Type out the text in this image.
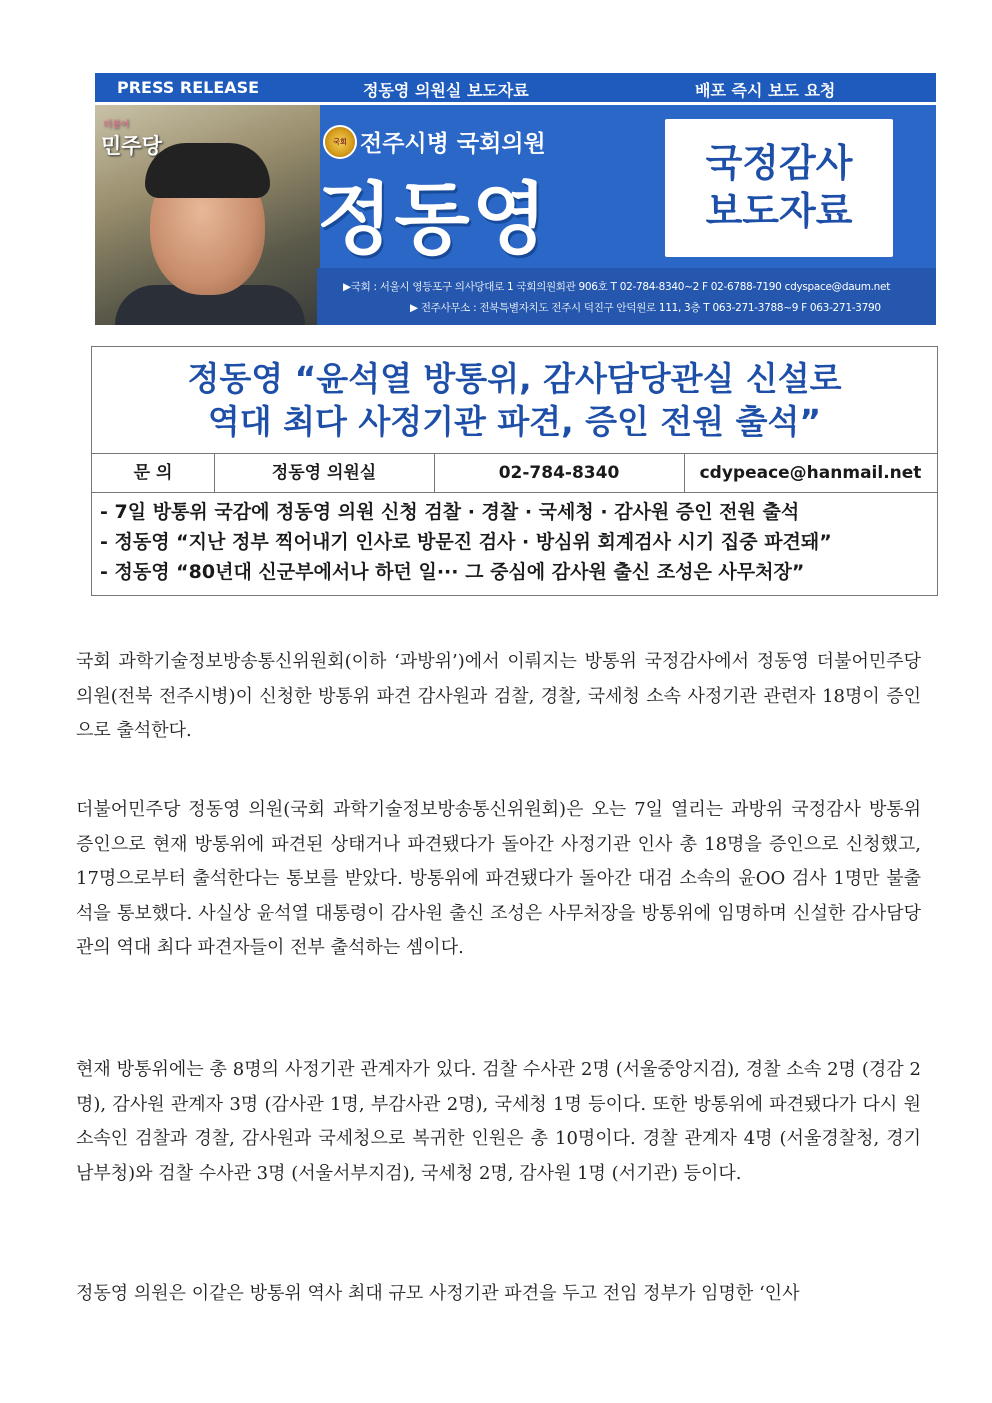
PRESS RELEASE	정동영 의원실 보도자료	배포 즉시 보도 요청
더불어
민주당	국회 전주시병 국회의원
정동영
국정감사
보도자료
▶국회 : 서울시 영등포구 의사당대로 1 국회의원회관 906호 T 02-784-8340~2 F 02-6788-7190 cdyspace@daum.net
▶ 전주사무소 : 전북특별자치도 전주시 덕진구 안덕원로 111, 3층 T 063-271-3788~9 F 063-271-3790
정동영 “윤석열 방통위, 감사담당관실 신설로
역대 최다 사정기관 파견, 증인 전원 출석”
문 의	정동영 의원실	02-784-8340	cdypeace@hanmail.net
- 7일 방통위 국감에 정동영 의원 신청 검찰 · 경찰 · 국세청 · 감사원 증인 전원 출석
- 정동영 “지난 정부 찍어내기 인사로 방문진 검사 · 방심위 회계검사 시기 집중 파견돼”
- 정동영 “80년대 신군부에서나 하던 일··· 그 중심에 감사원 출신 조성은 사무처장”
국회 과학기술정보방송통신위원회(이하 ‘과방위’)에서 이뤄지는 방통위 국정감사에서 정동영 더불어민주당 의원(전북 전주시병)이 신청한 방통위 파견 감사원과 검찰, 경찰, 국세청 소속 사정기관 관련자 18명이 증인으로 출석한다.
더불어민주당 정동영 의원(국회 과학기술정보방송통신위원회)은 오는 7일 열리는 과방위 국정감사 방통위 증인으로 현재 방통위에 파견된 상태거나 파견됐다가 돌아간 사정기관 인사 총 18명을 증인으로 신청했고, 17명으로부터 출석한다는 통보를 받았다. 방통위에 파견됐다가 돌아간 대검 소속의 윤OO 검사 1명만 불출석을 통보했다. 사실상 윤석열 대통령이 감사원 출신 조성은 사무처장을 방통위에 임명하며 신설한 감사담당관의 역대 최다 파견자들이 전부 출석하는 셈이다.
현재 방통위에는 총 8명의 사정기관 관계자가 있다. 검찰 수사관 2명 (서울중앙지검), 경찰 소속 2명 (경감 2명), 감사원 관계자 3명 (감사관 1명, 부감사관 2명), 국세청 1명 등이다. 또한 방통위에 파견됐다가 다시 원소속인 검찰과 경찰, 감사원과 국세청으로 복귀한 인원은 총 10명이다. 경찰 관계자 4명 (서울경찰청, 경기남부청)와 검찰 수사관 3명 (서울서부지검), 국세청 2명, 감사원 1명 (서기관) 등이다.
정동영 의원은 이같은 방통위 역사 최대 규모 사정기관 파견을 두고 전임 정부가 임명한 ‘인사
